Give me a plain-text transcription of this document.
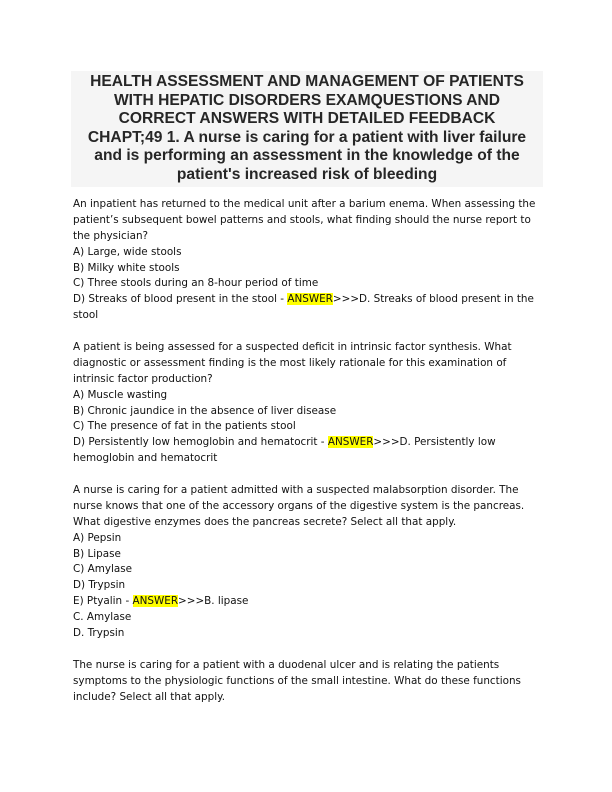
HEALTH ASSESSMENT AND MANAGEMENT OF PATIENTS
WITH HEPATIC DISORDERS EXAMQUESTIONS AND
CORRECT ANSWERS WITH DETAILED FEEDBACK
CHAPT;49 1. A nurse is caring for a patient with liver failure
and is performing an assessment in the knowledge of the
patient's increased risk of bleeding
An inpatient has returned to the medical unit after a barium enema. When assessing the
patient’s subsequent bowel patterns and stools, what finding should the nurse report to
the physician?
A) Large, wide stools
B) Milky white stools
C) Three stools during an 8-hour period of time
D) Streaks of blood present in the stool - ANSWER>>>D. Streaks of blood present in the
stool
A patient is being assessed for a suspected deficit in intrinsic factor synthesis. What
diagnostic or assessment finding is the most likely rationale for this examination of
intrinsic factor production?
A) Muscle wasting
B) Chronic jaundice in the absence of liver disease
C) The presence of fat in the patients stool
D) Persistently low hemoglobin and hematocrit - ANSWER>>>D. Persistently low
hemoglobin and hematocrit
A nurse is caring for a patient admitted with a suspected malabsorption disorder. The
nurse knows that one of the accessory organs of the digestive system is the pancreas.
What digestive enzymes does the pancreas secrete? Select all that apply.
A) Pepsin
B) Lipase
C) Amylase
D) Trypsin
E) Ptyalin - ANSWER>>>B. lipase
C. Amylase
D. Trypsin
The nurse is caring for a patient with a duodenal ulcer and is relating the patients
symptoms to the physiologic functions of the small intestine. What do these functions
include? Select all that apply.
